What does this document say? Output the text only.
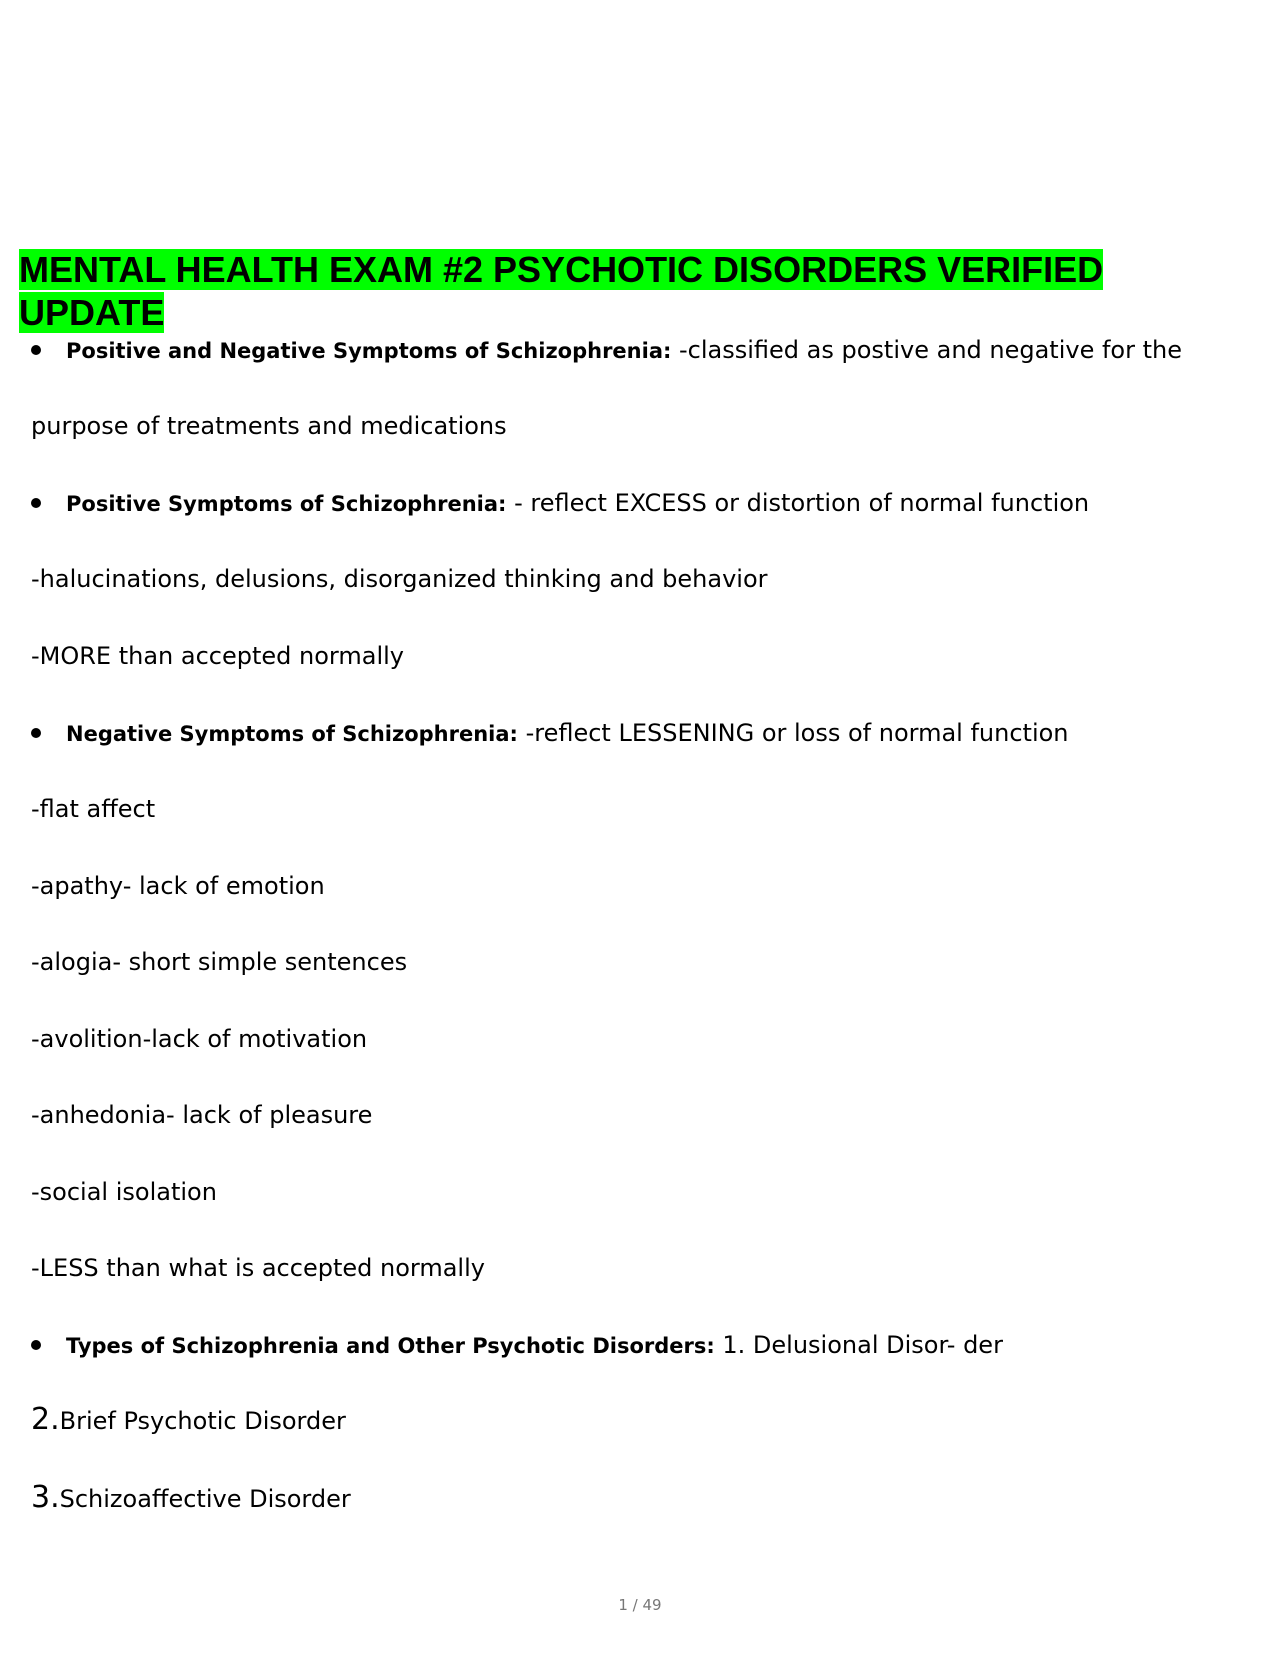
MENTAL HEALTH EXAM #2 PSYCHOTIC DISORDERS VERIFIED UPDATE
Positive and Negative Symptoms of Schizophrenia: -classified as postive and negative for the
purpose of treatments and medications
Positive Symptoms of Schizophrenia: - reflect EXCESS or distortion of normal function
-halucinations, delusions, disorganized thinking and behavior
-MORE than accepted normally
Negative Symptoms of Schizophrenia: -reflect LESSENING or loss of normal function
-flat affect
-apathy- lack of emotion
-alogia- short simple sentences
-avolition-lack of motivation
-anhedonia- lack of pleasure
-social isolation
-LESS than what is accepted normally
Types of Schizophrenia and Other Psychotic Disorders: 1. Delusional Disor- der
2.Brief Psychotic Disorder
3.Schizoaffective Disorder
1 / 49
